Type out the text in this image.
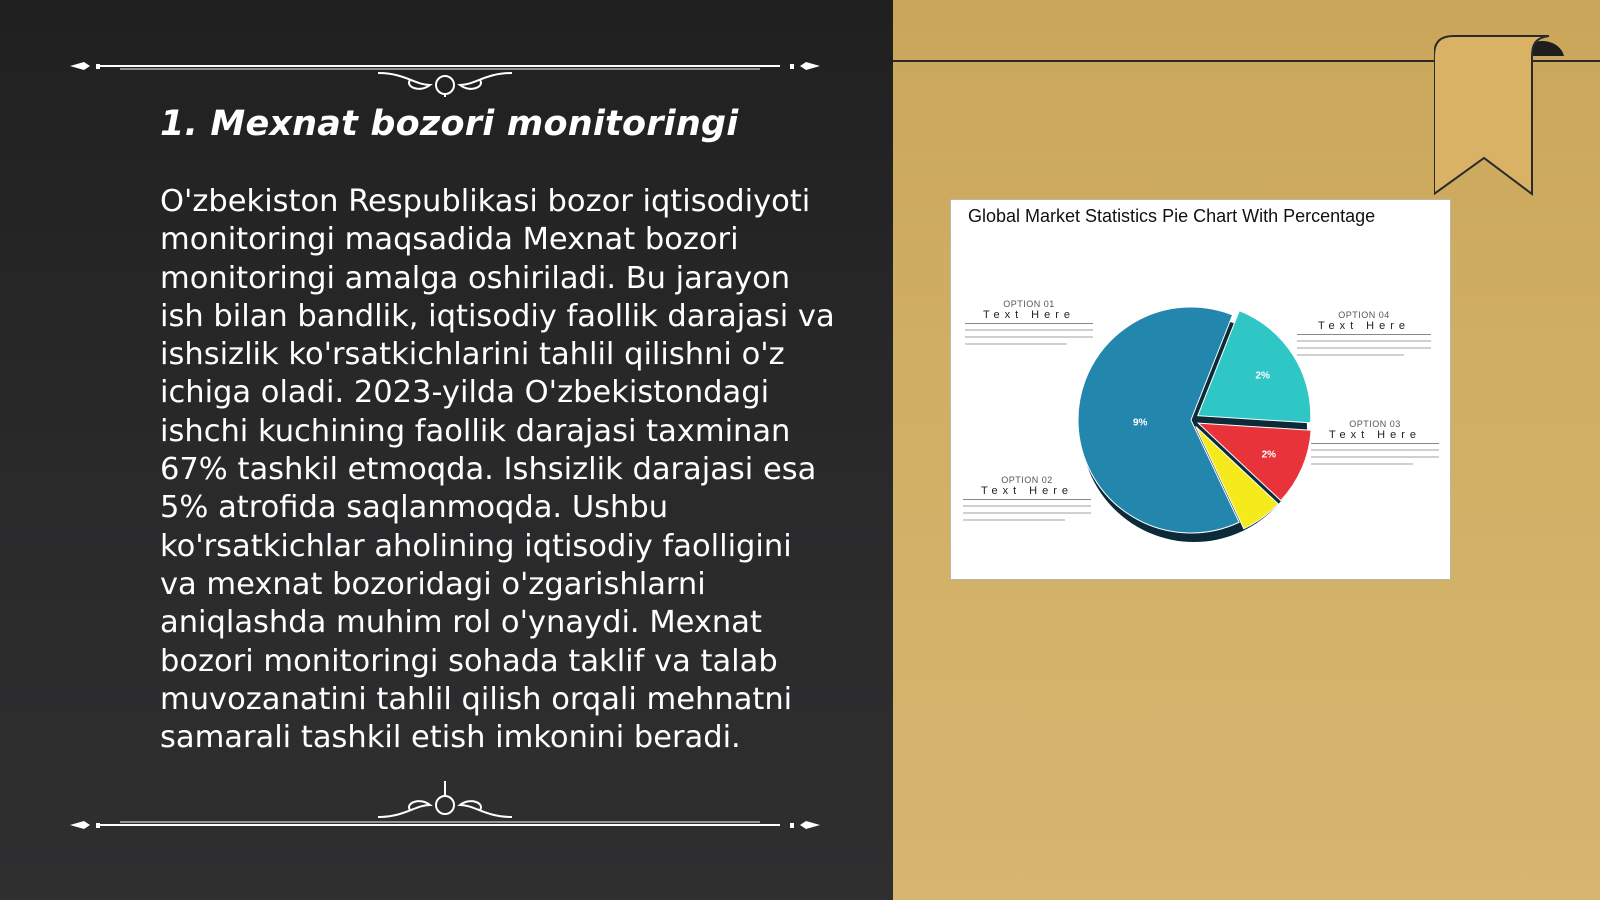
1. Mexnat bozori monitoringi

O'zbekiston Respublikasi bozor iqtisodiyoti monitoringi maqsadida Mexnat bozori monitoringi amalga oshiriladi. Bu jarayon ish bilan bandlik, iqtisodiy faollik darajasi va ishsizlik ko'rsatkichlarini tahlil qilishni o'z ichiga oladi. 2023-yilda O'zbekistondagi ishchi kuchining faollik darajasi taxminan 67% tashkil etmoqda. Ishsizlik darajasi esa 5% atrofida saqlanmoqda. Ushbu ko'rsatkichlar aholining iqtisodiy faolligini va mexnat bozoridagi o'zgarishlarni aniqlashda muhim rol o'ynaydi. Mexnat bozori monitoringi sohada taklif va talab muvozanatini tahlil qilish orqali mehnatni samarali tashkil etish imkonini beradi.

Global Market Statistics Pie Chart With Percentage

2%
2%
9%
OPTION 01
Text Here
OPTION 02
Text Here
OPTION 03
Text Here
OPTION 04
Text Here
